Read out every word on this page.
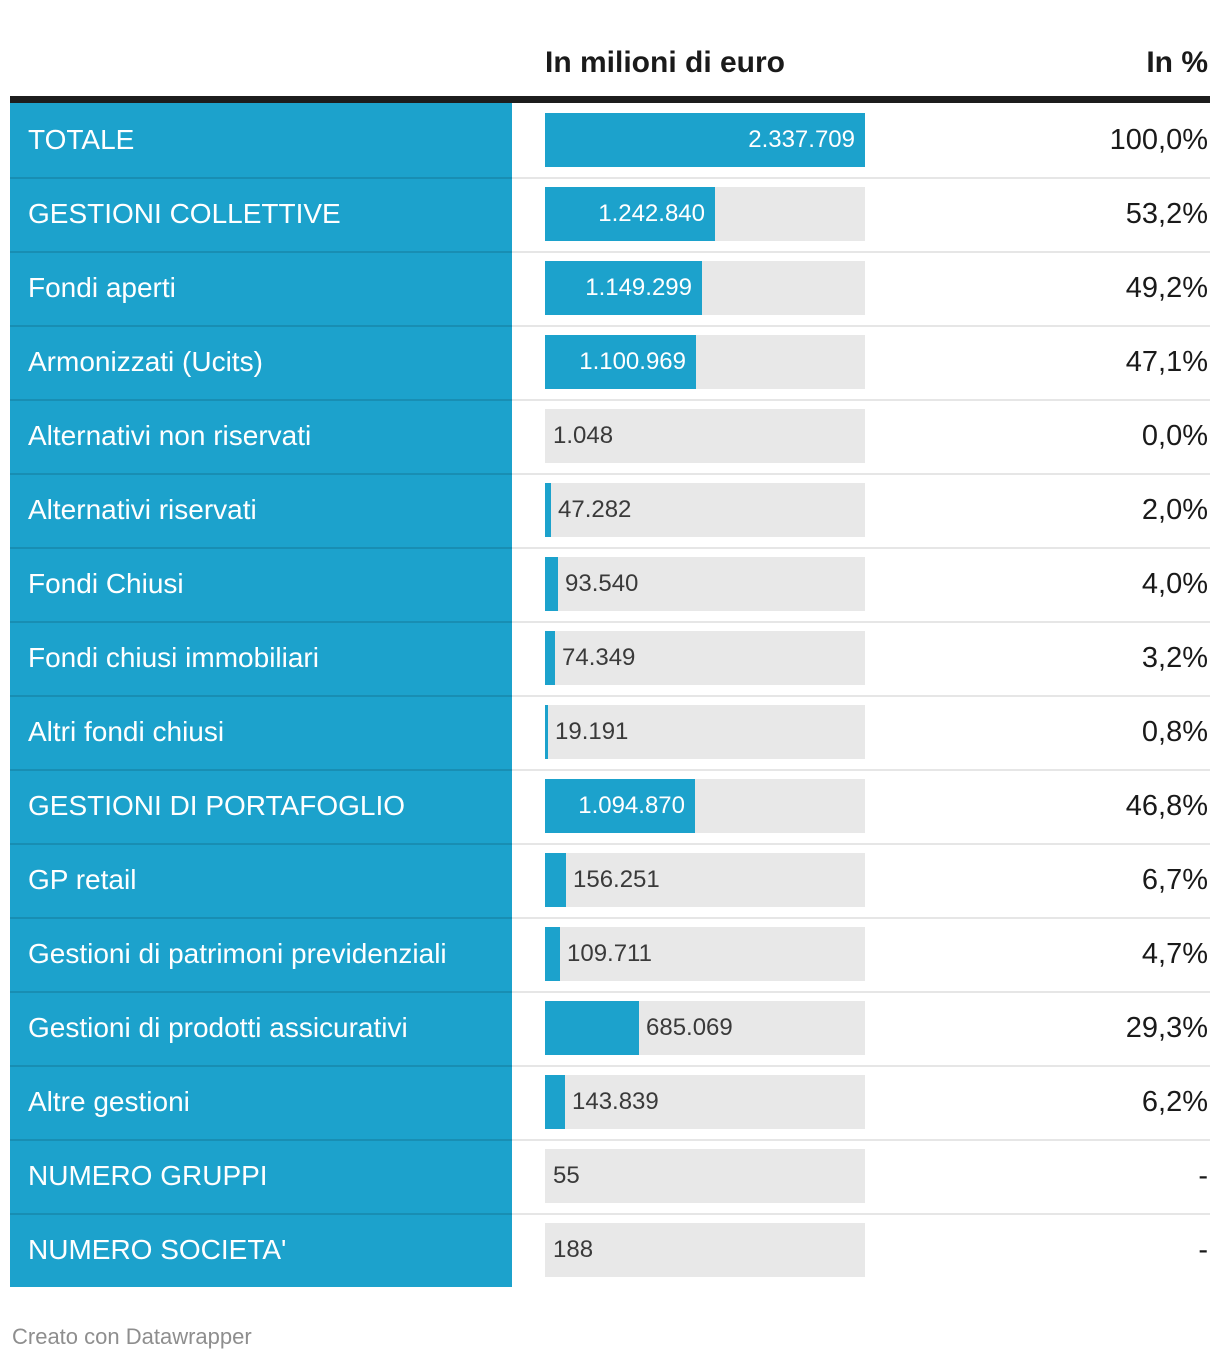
In milioni di euro	In %
TOTALE	2.337.709	100,0%
GESTIONI COLLETTIVE	1.242.840	53,2%
Fondi aperti	1.149.299	49,2%
Armonizzati (Ucits)	1.100.969	47,1%
Alternativi non riservati	1.048	0,0%
Alternativi riservati	47.282	2,0%
Fondi Chiusi	93.540	4,0%
Fondi chiusi immobiliari	74.349	3,2%
Altri fondi chiusi	19.191	0,8%
GESTIONI DI PORTAFOGLIO	1.094.870	46,8%
GP retail	156.251	6,7%
Gestioni di patrimoni previdenziali	109.711	4,7%
Gestioni di prodotti assicurativi	685.069	29,3%
Altre gestioni	143.839	6,2%
NUMERO GRUPPI	55	-
NUMERO SOCIETA'	188	-
Creato con Datawrapper
